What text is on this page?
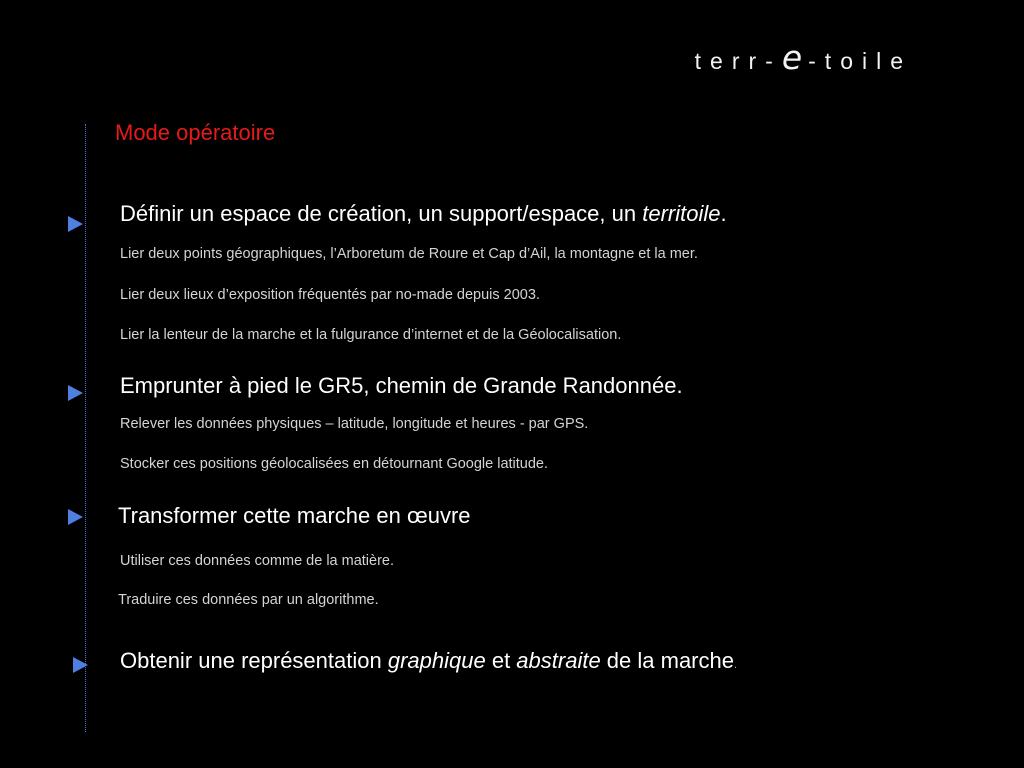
terr-e-toile
Mode opératoire
Définir un espace de création, un support/espace, un territoile.
Lier deux points géographiques, l’Arboretum de Roure et Cap d’Ail, la montagne et la mer.
Lier deux lieux d’exposition fréquentés par no-made depuis 2003.
Lier la lenteur de la marche et la fulgurance d’internet et de la Géolocalisation.
Emprunter à pied le GR5, chemin de Grande Randonnée.
Relever les données physiques – latitude, longitude et heures - par GPS.
Stocker ces positions géolocalisées en détournant Google latitude.
Transformer cette marche en œuvre
Utiliser ces données comme de la matière.
Traduire ces données par un algorithme.
Obtenir une représentation graphique et abstraite de la marche.
